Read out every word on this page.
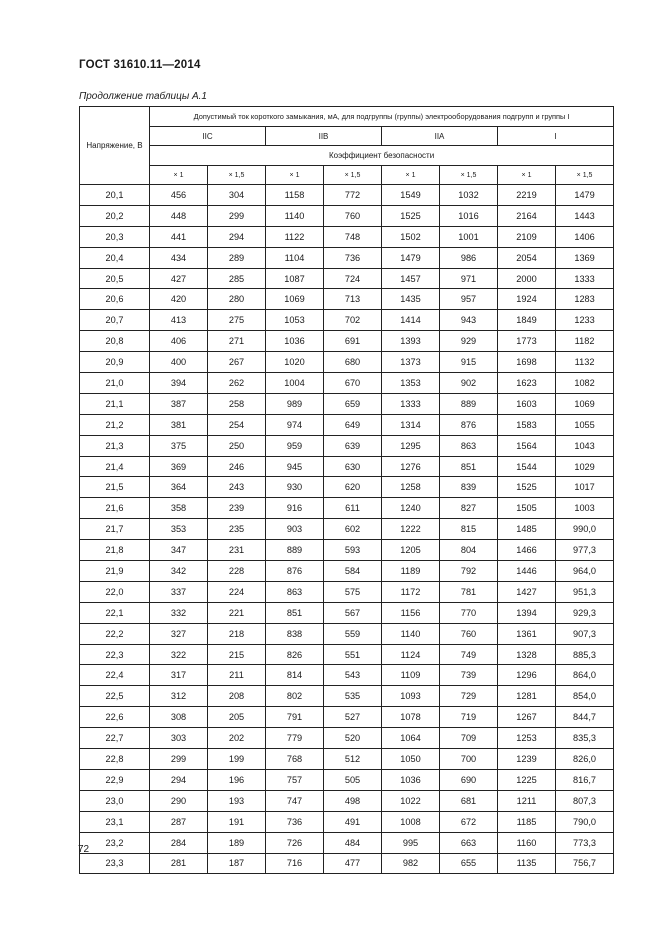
ГОСТ 31610.11—2014
Продолжение таблицы А.1
Напряжение, В	Допустимый ток короткого замыкания, мА, для подгруппы (группы) электрооборудования подгрупп и группы I							
	IIC		IIB		IIA		I	
	Коэффициент безопасности							
	× 1	× 1,5	× 1	× 1,5	× 1	× 1,5	× 1	× 1,5
20,1	456	304	1158	772	1549	1032	2219	1479
20,2	448	299	1140	760	1525	1016	2164	1443
20,3	441	294	1122	748	1502	1001	2109	1406
20,4	434	289	1104	736	1479	986	2054	1369
20,5	427	285	1087	724	1457	971	2000	1333
20,6	420	280	1069	713	1435	957	1924	1283
20,7	413	275	1053	702	1414	943	1849	1233
20,8	406	271	1036	691	1393	929	1773	1182
20,9	400	267	1020	680	1373	915	1698	1132
21,0	394	262	1004	670	1353	902	1623	1082
21,1	387	258	989	659	1333	889	1603	1069
21,2	381	254	974	649	1314	876	1583	1055
21,3	375	250	959	639	1295	863	1564	1043
21,4	369	246	945	630	1276	851	1544	1029
21,5	364	243	930	620	1258	839	1525	1017
21,6	358	239	916	611	1240	827	1505	1003
21,7	353	235	903	602	1222	815	1485	990,0
21,8	347	231	889	593	1205	804	1466	977,3
21,9	342	228	876	584	1189	792	1446	964,0
22,0	337	224	863	575	1172	781	1427	951,3
22,1	332	221	851	567	1156	770	1394	929,3
22,2	327	218	838	559	1140	760	1361	907,3
22,3	322	215	826	551	1124	749	1328	885,3
22,4	317	211	814	543	1109	739	1296	864,0
22,5	312	208	802	535	1093	729	1281	854,0
22,6	308	205	791	527	1078	719	1267	844,7
22,7	303	202	779	520	1064	709	1253	835,3
22,8	299	199	768	512	1050	700	1239	826,0
22,9	294	196	757	505	1036	690	1225	816,7
23,0	290	193	747	498	1022	681	1211	807,3
23,1	287	191	736	491	1008	672	1185	790,0
23,2	284	189	726	484	995	663	1160	773,3
23,3	281	187	716	477	982	655	1135	756,7
72
